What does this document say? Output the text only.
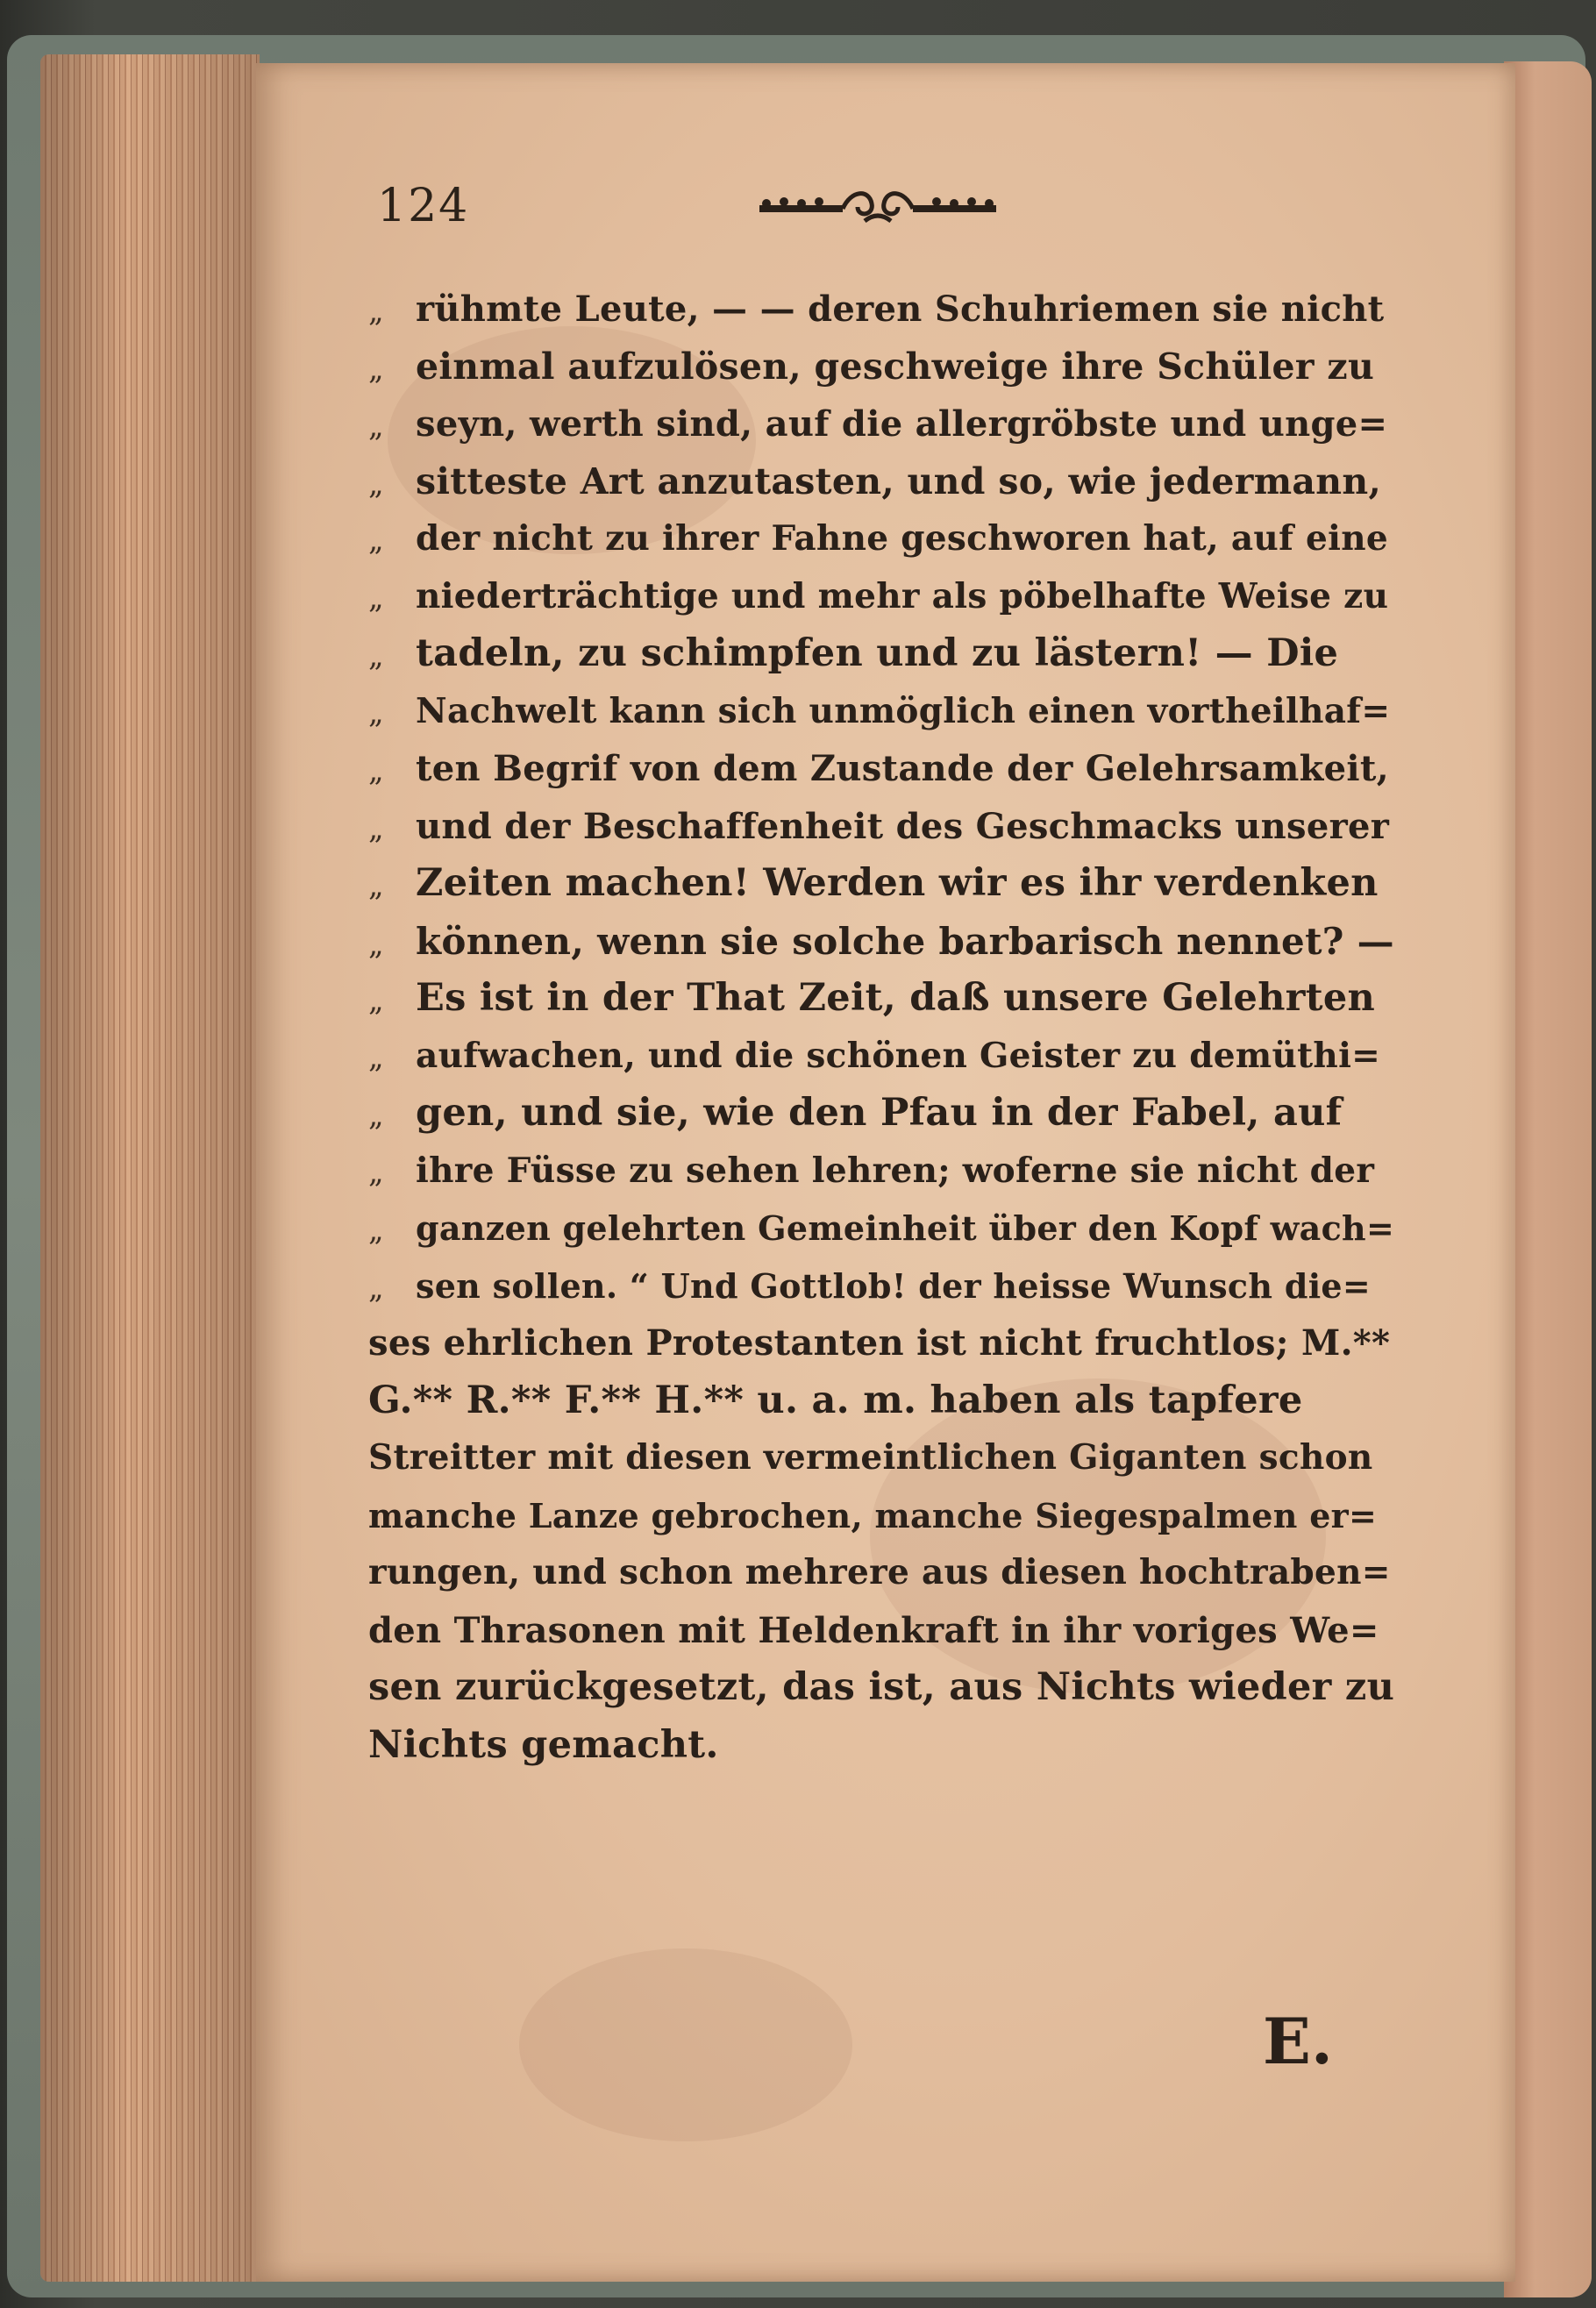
124
„ rühmte Leute, — — deren Schuhriemen sie nicht
„ einmal aufzulösen, geschweige ihre Schüler zu
„ seyn, werth sind, auf die allergröbste und unge=
„ sitteste Art anzutasten, und so, wie jedermann,
„ der nicht zu ihrer Fahne geschworen hat, auf eine
„ niederträchtige und mehr als pöbelhafte Weise zu
„ tadeln, zu schimpfen und zu lästern! — Die
„ Nachwelt kann sich unmöglich einen vortheilhaf=
„ ten Begrif von dem Zustande der Gelehrsamkeit,
„ und der Beschaffenheit des Geschmacks unserer
„ Zeiten machen! Werden wir es ihr verdenken
„ können, wenn sie solche barbarisch nennet? —
„ Es ist in der That Zeit, daß unsere Gelehrten
„ aufwachen, und die schönen Geister zu demüthi=
„ gen, und sie, wie den Pfau in der Fabel, auf
„ ihre Füsse zu sehen lehren; woferne sie nicht der
„ ganzen gelehrten Gemeinheit über den Kopf wach=
„ sen sollen. “ Und Gottlob! der heisse Wunsch die=
ses ehrlichen Protestanten ist nicht fruchtlos; M.**
G.** R.** F.** H.** u. a. m. haben als tapfere
Streitter mit diesen vermeintlichen Giganten schon
manche Lanze gebrochen, manche Siegespalmen er=
rungen, und schon mehrere aus diesen hochtraben=
den Thrasonen mit Heldenkraft in ihr voriges We=
sen zurückgesetzt, das ist, aus Nichts wieder zu
Nichts gemacht.
E.
